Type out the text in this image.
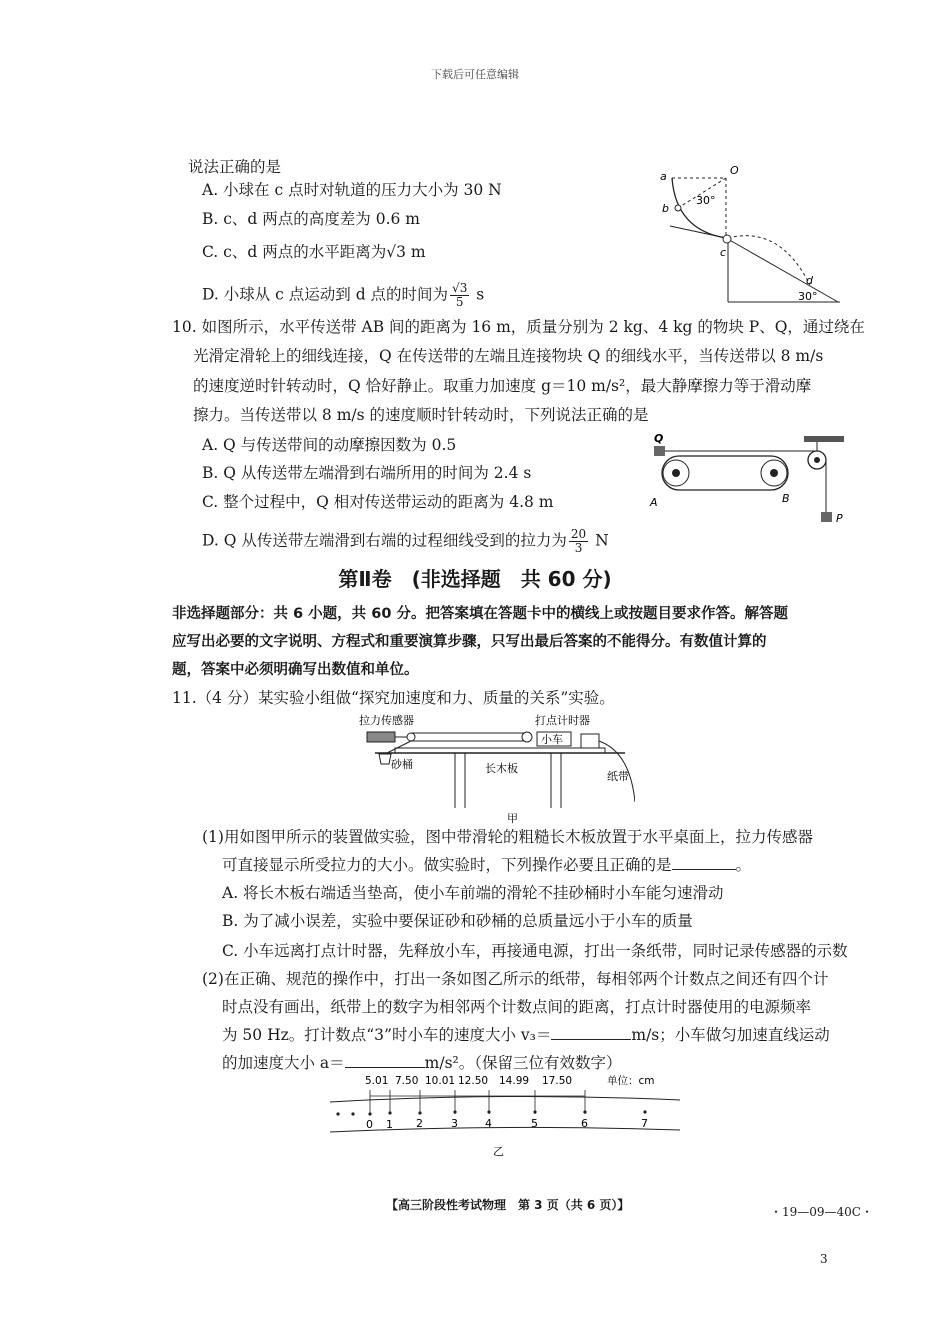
下载后可任意编辑
说法正确的是
A. 小球在 c 点时对轨道的压力大小为 30 N
B. c、d 两点的高度差为 0.6 m
C. c、d 两点的水平距离为√3 m
D. 小球从 c 点运动到 d 点的时间为 $\frac{√3}{5}$ s
a
b
O
c
d
30°
30°
10. 如图所示，水平传送带 AB 间的距离为 16 m，质量分别为 2 kg、4 kg 的物块 P、Q，通过绕在
光滑定滑轮上的细线连接，Q 在传送带的左端且连接物块 Q 的细线水平，当传送带以 8 m/s
的速度逆时针转动时，Q 恰好静止。取重力加速度 g＝10 m/s²，最大静摩擦力等于滑动摩
擦力。当传送带以 8 m/s 的速度顺时针转动时，下列说法正确的是
A. Q 与传送带间的动摩擦因数为 0.5
B. Q 从传送带左端滑到右端所用的时间为 2.4 s
C. 整个过程中，Q 相对传送带运动的距离为 4.8 m
D. Q 从传送带左端滑到右端的过程细线受到的拉力为 $\frac{20}{3}$ N
Q
A	B
P
第Ⅱ卷　(非选择题　共 60 分)
非选择题部分：共 6 小题，共 60 分。把答案填在答题卡中的横线上或按题目要求作答。解答题
应写出必要的文字说明、方程式和重要演算步骤，只写出最后答案的不能得分。有数值计算的
题，答案中必须明确写出数值和单位。
11.（4 分）某实验小组做“探究加速度和力、质量的关系”实验。
拉力传感器	打点计时器
小车
砂桶	长木板
纸带
甲
(1)用如图甲所示的装置做实验，图中带滑轮的粗糙长木板放置于水平桌面上，拉力传感器
可直接显示所受拉力的大小。做实验时，下列操作必要且正确的是	。
A. 将长木板右端适当垫高，使小车前端的滑轮不挂砂桶时小车能匀速滑动
B. 为了减小误差，实验中要保证砂和砂桶的总质量远小于小车的质量
C. 小车远离打点计时器，先释放小车，再接通电源，打出一条纸带，同时记录传感器的示数
(2)在正确、规范的操作中，打出一条如图乙所示的纸带，每相邻两个计数点之间还有四个计
时点没有画出，纸带上的数字为相邻两个计数点间的距离，打点计时器使用的电源频率
为 50 Hz。打计数点“3”时小车的速度大小 v₃＝	m/s；小车做匀加速直线运动
的加速度大小 a＝	m/s²。（保留三位有效数字）
5.01 7.50 10.01 12.50 14.99 17.50	单位：cm
0 1 2	3 4	5	6	7
乙
【高三阶段性考试物理　第 3 页（共 6 页）】	・19—09—40C・
3
